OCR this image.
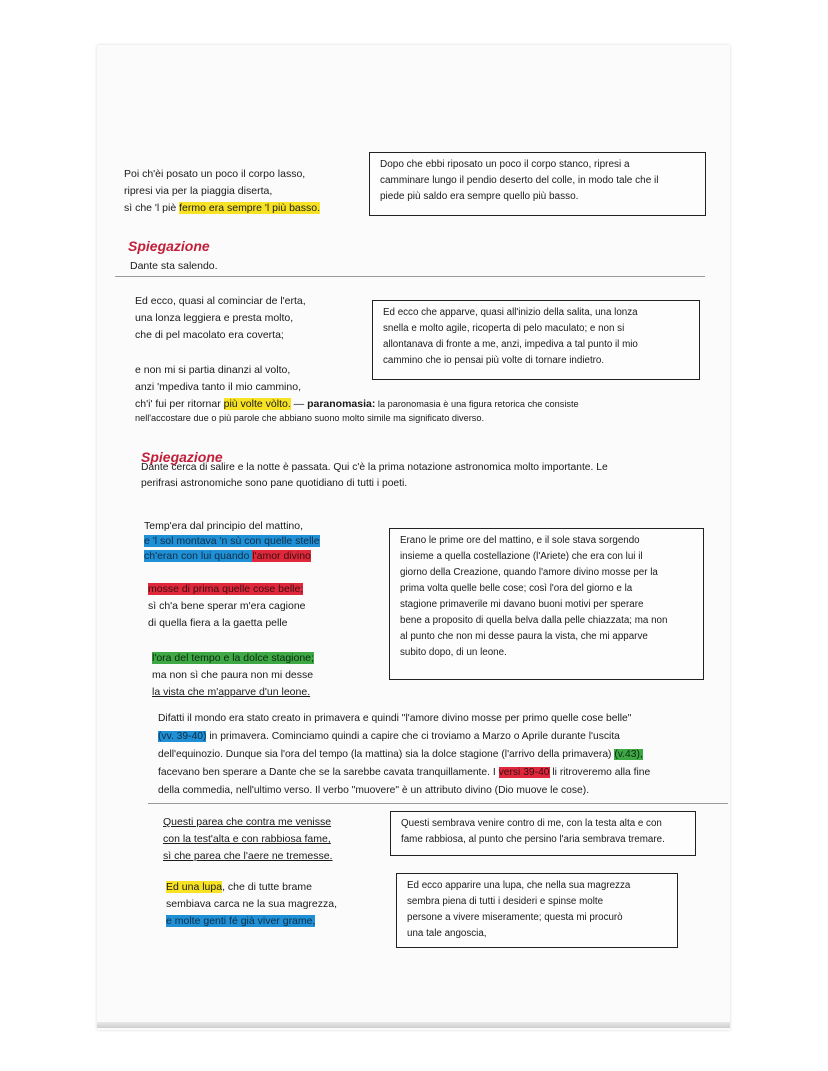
Poi ch'èi posato un poco il corpo lasso,
ripresi via per la piaggia diserta,
sì che 'l piè fermo era sempre 'l più basso.
Dopo che ebbi riposato un poco il corpo stanco, ripresi a
camminare lungo il pendio deserto del colle, in modo tale che il
piede più saldo era sempre quello più basso.
Spiegazione
Dante sta salendo.
Ed ecco, quasi al cominciar de l'erta,
una lonza leggiera e presta molto,
che di pel macolato era coverta;
Ed ecco che apparve, quasi all'inizio della salita, una lonza
snella e molto agile, ricoperta di pelo maculato; e non si
allontanava di fronte a me, anzi, impediva a tal punto il mio
cammino che io pensai più volte di tornare indietro.
e non mi si partia dinanzi al volto,
anzi 'mpediva tanto il mio cammino,
ch'i' fui per ritornar più volte vòlto. — paranomasia: la paronomasia è una figura retorica che consiste
nell'accostare due o più parole che abbiano suono molto simile ma significato diverso.
Spiegazione
Dante cerca di salire e la notte è passata. Qui c'è la prima notazione astronomica molto importante. Le
perifrasi astronomiche sono pane quotidiano di tutti i poeti.
Temp'era dal principio del mattino,
e 'l sol montava 'n sù con quelle stelle
ch'eran con lui quando l'amor divino
mosse di prima quelle cose belle;
sì ch'a bene sperar m'era cagione
di quella fiera a la gaetta pelle
l'ora del tempo e la dolce stagione;
ma non sì che paura non mi desse
la vista che m'apparve d'un leone.
Erano le prime ore del mattino, e il sole stava sorgendo
insieme a quella costellazione (l'Ariete) che era con lui il
giorno della Creazione, quando l'amore divino mosse per la
prima volta quelle belle cose; così l'ora del giorno e la
stagione primaverile mi davano buoni motivi per sperare
bene a proposito di quella belva dalla pelle chiazzata; ma non
al punto che non mi desse paura la vista, che mi apparve
subito dopo, di un leone.
Difatti il mondo era stato creato in primavera e quindi "l'amore divino mosse per primo quelle cose belle"
(vv. 39-40) in primavera. Cominciamo quindi a capire che ci troviamo a Marzo o Aprile durante l'uscita
dell'equinozio. Dunque sia l'ora del tempo (la mattina) sia la dolce stagione (l'arrivo della primavera) (v.43),
facevano ben sperare a Dante che se la sarebbe cavata tranquillamente. I versi 39-40 li ritroveremo alla fine
della commedia, nell'ultimo verso. Il verbo "muovere" è un attributo divino (Dio muove le cose).
Questi parea che contra me venisse
con la test'alta e con rabbiosa fame,
sì che parea che l'aere ne tremesse.
Questi sembrava venire contro di me, con la testa alta e con
fame rabbiosa, al punto che persino l'aria sembrava tremare.
Ed una lupa, che di tutte brame
sembiava carca ne la sua magrezza,
e molte genti fé già viver grame,
Ed ecco apparire una lupa, che nella sua magrezza
sembra piena di tutti i desideri e spinse molte
persone a vivere miseramente; questa mi procurò
una tale angoscia,
